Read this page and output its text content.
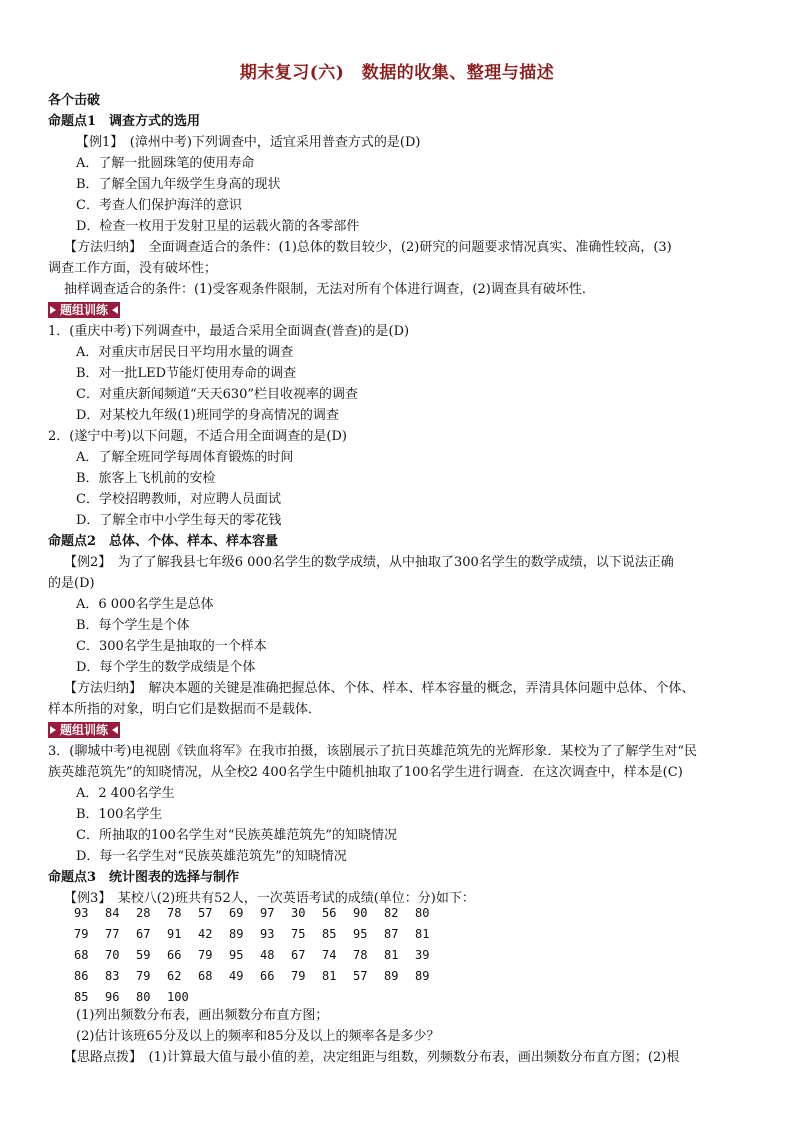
期末复习(六)　数据的收集、整理与描述
各个击破
命题点1　调查方式的选用
【例1】　(漳州中考)下列调查中，适宜采用普查方式的是(D)
A．了解一批圆珠笔的使用寿命
B．了解全国九年级学生身高的现状
C．考查人们保护海洋的意识
D．检查一枚用于发射卫星的运载火箭的各零部件
【方法归纳】　全面调查适合的条件：(1)总体的数目较少，(2)研究的问题要求情况真实、准确性较高，(3)
调查工作方面，没有破坏性；
抽样调查适合的条件：(1)受客观条件限制，无法对所有个体进行调查，(2)调查具有破坏性．
题组训练
1．(重庆中考)下列调查中，最适合采用全面调查(普查)的是(D)
A．对重庆市居民日平均用水量的调查
B．对一批LED节能灯使用寿命的调查
C．对重庆新闻频道“天天630”栏目收视率的调查
D．对某校九年级(1)班同学的身高情况的调查
2．(遂宁中考)以下问题，不适合用全面调查的是(D)
A．了解全班同学每周体育锻炼的时间
B．旅客上飞机前的安检
C．学校招聘教师，对应聘人员面试
D．了解全市中小学生每天的零花钱
命题点2　总体、个体、样本、样本容量
【例2】　为了了解我县七年级6 000名学生的数学成绩，从中抽取了300名学生的数学成绩，以下说法正确
的是(D)
A．6 000名学生是总体
B．每个学生是个体
C．300名学生是抽取的一个样本
D．每个学生的数学成绩是个体
【方法归纳】　解决本题的关键是准确把握总体、个体、样本、样本容量的概念，弄清具体问题中总体、个体、
样本所指的对象，明白它们是数据而不是载体．
题组训练
3．(聊城中考)电视剧《铁血将军》在我市拍摄，该剧展示了抗日英雄范筑先的光辉形象．某校为了了解学生对“民
族英雄范筑先”的知晓情况，从全校2 400名学生中随机抽取了100名学生进行调查．在这次调查中，样本是(C)
A．2 400名学生
B．100名学生
C．所抽取的100名学生对“民族英雄范筑先”的知晓情况
D．每一名学生对“民族英雄范筑先”的知晓情况
命题点3　统计图表的选择与制作
【例3】　某校八(2)班共有52人，一次英语考试的成绩(单位：分)如下：
93	84	28	78	57	69	97	30	56	90	82	80
79	77	67	91	42	89	93	75	85	95	87	81
68	70	59	66	79	95	48	67	74	78	81	39
86	83	79	62	68	49	66	79	81	57	89	89
85	96	80	100
(1)列出频数分布表，画出频数分布直方图；
(2)估计该班65分及以上的频率和85分及以上的频率各是多少？
【思路点拨】　(1)计算最大值与最小值的差，决定组距与组数，列频数分布表，画出频数分布直方图；(2)根
